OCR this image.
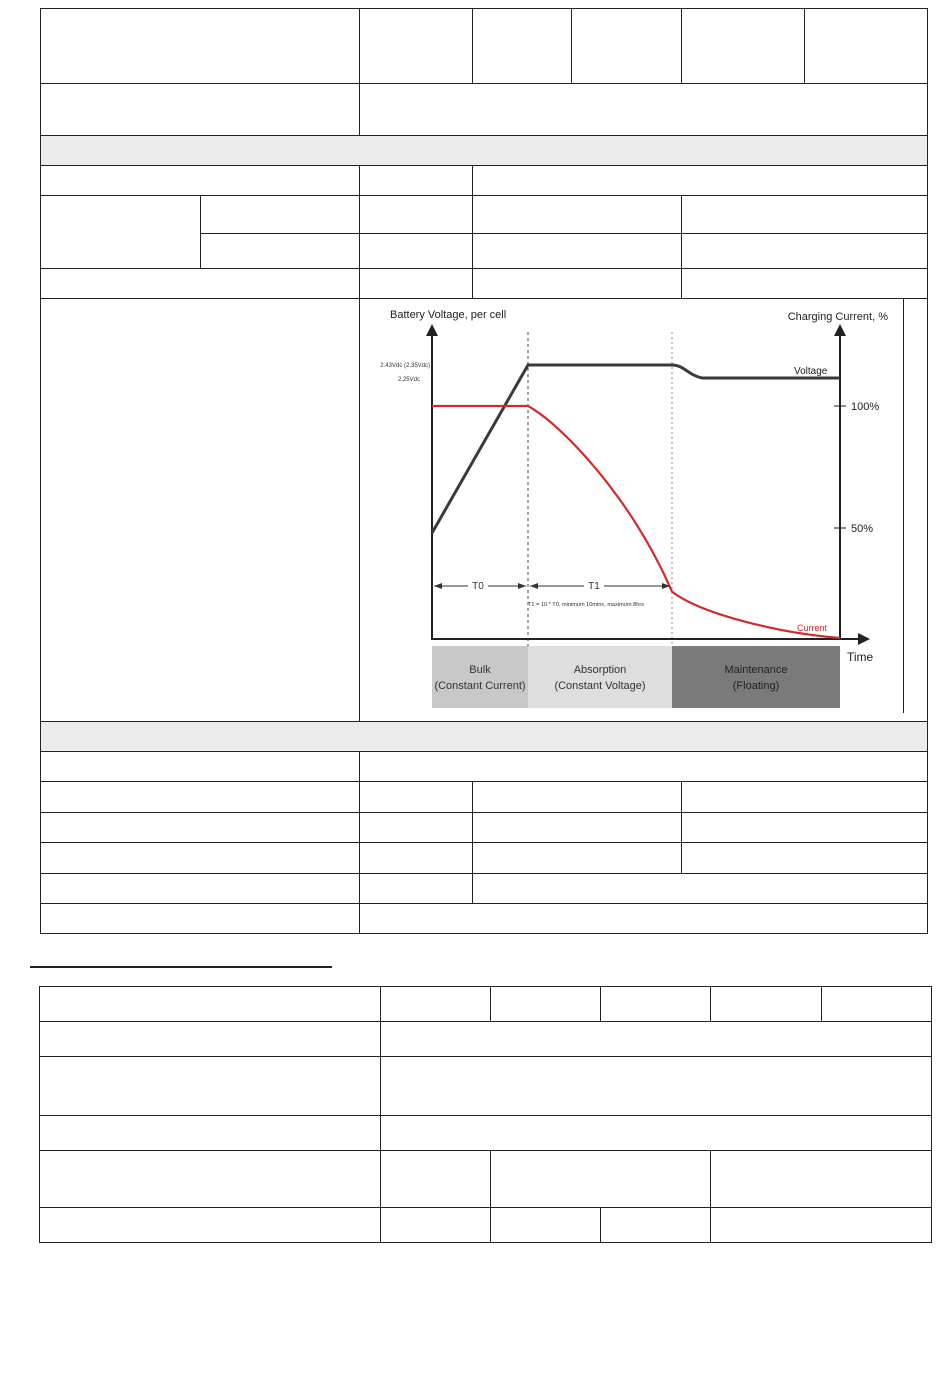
Bulk
(Constant Current)
Absorption
(Constant Voltage)
Maintenance
(Floating)
Battery Voltage, per cell	Charging Current, %
Time
2.43Vdc (2.35Vdc)
2.25Vdc
100%
50%
Voltage
Current
T0	T1
T1 = 10 * T0, minimum 10mins, maximum 8hrs
